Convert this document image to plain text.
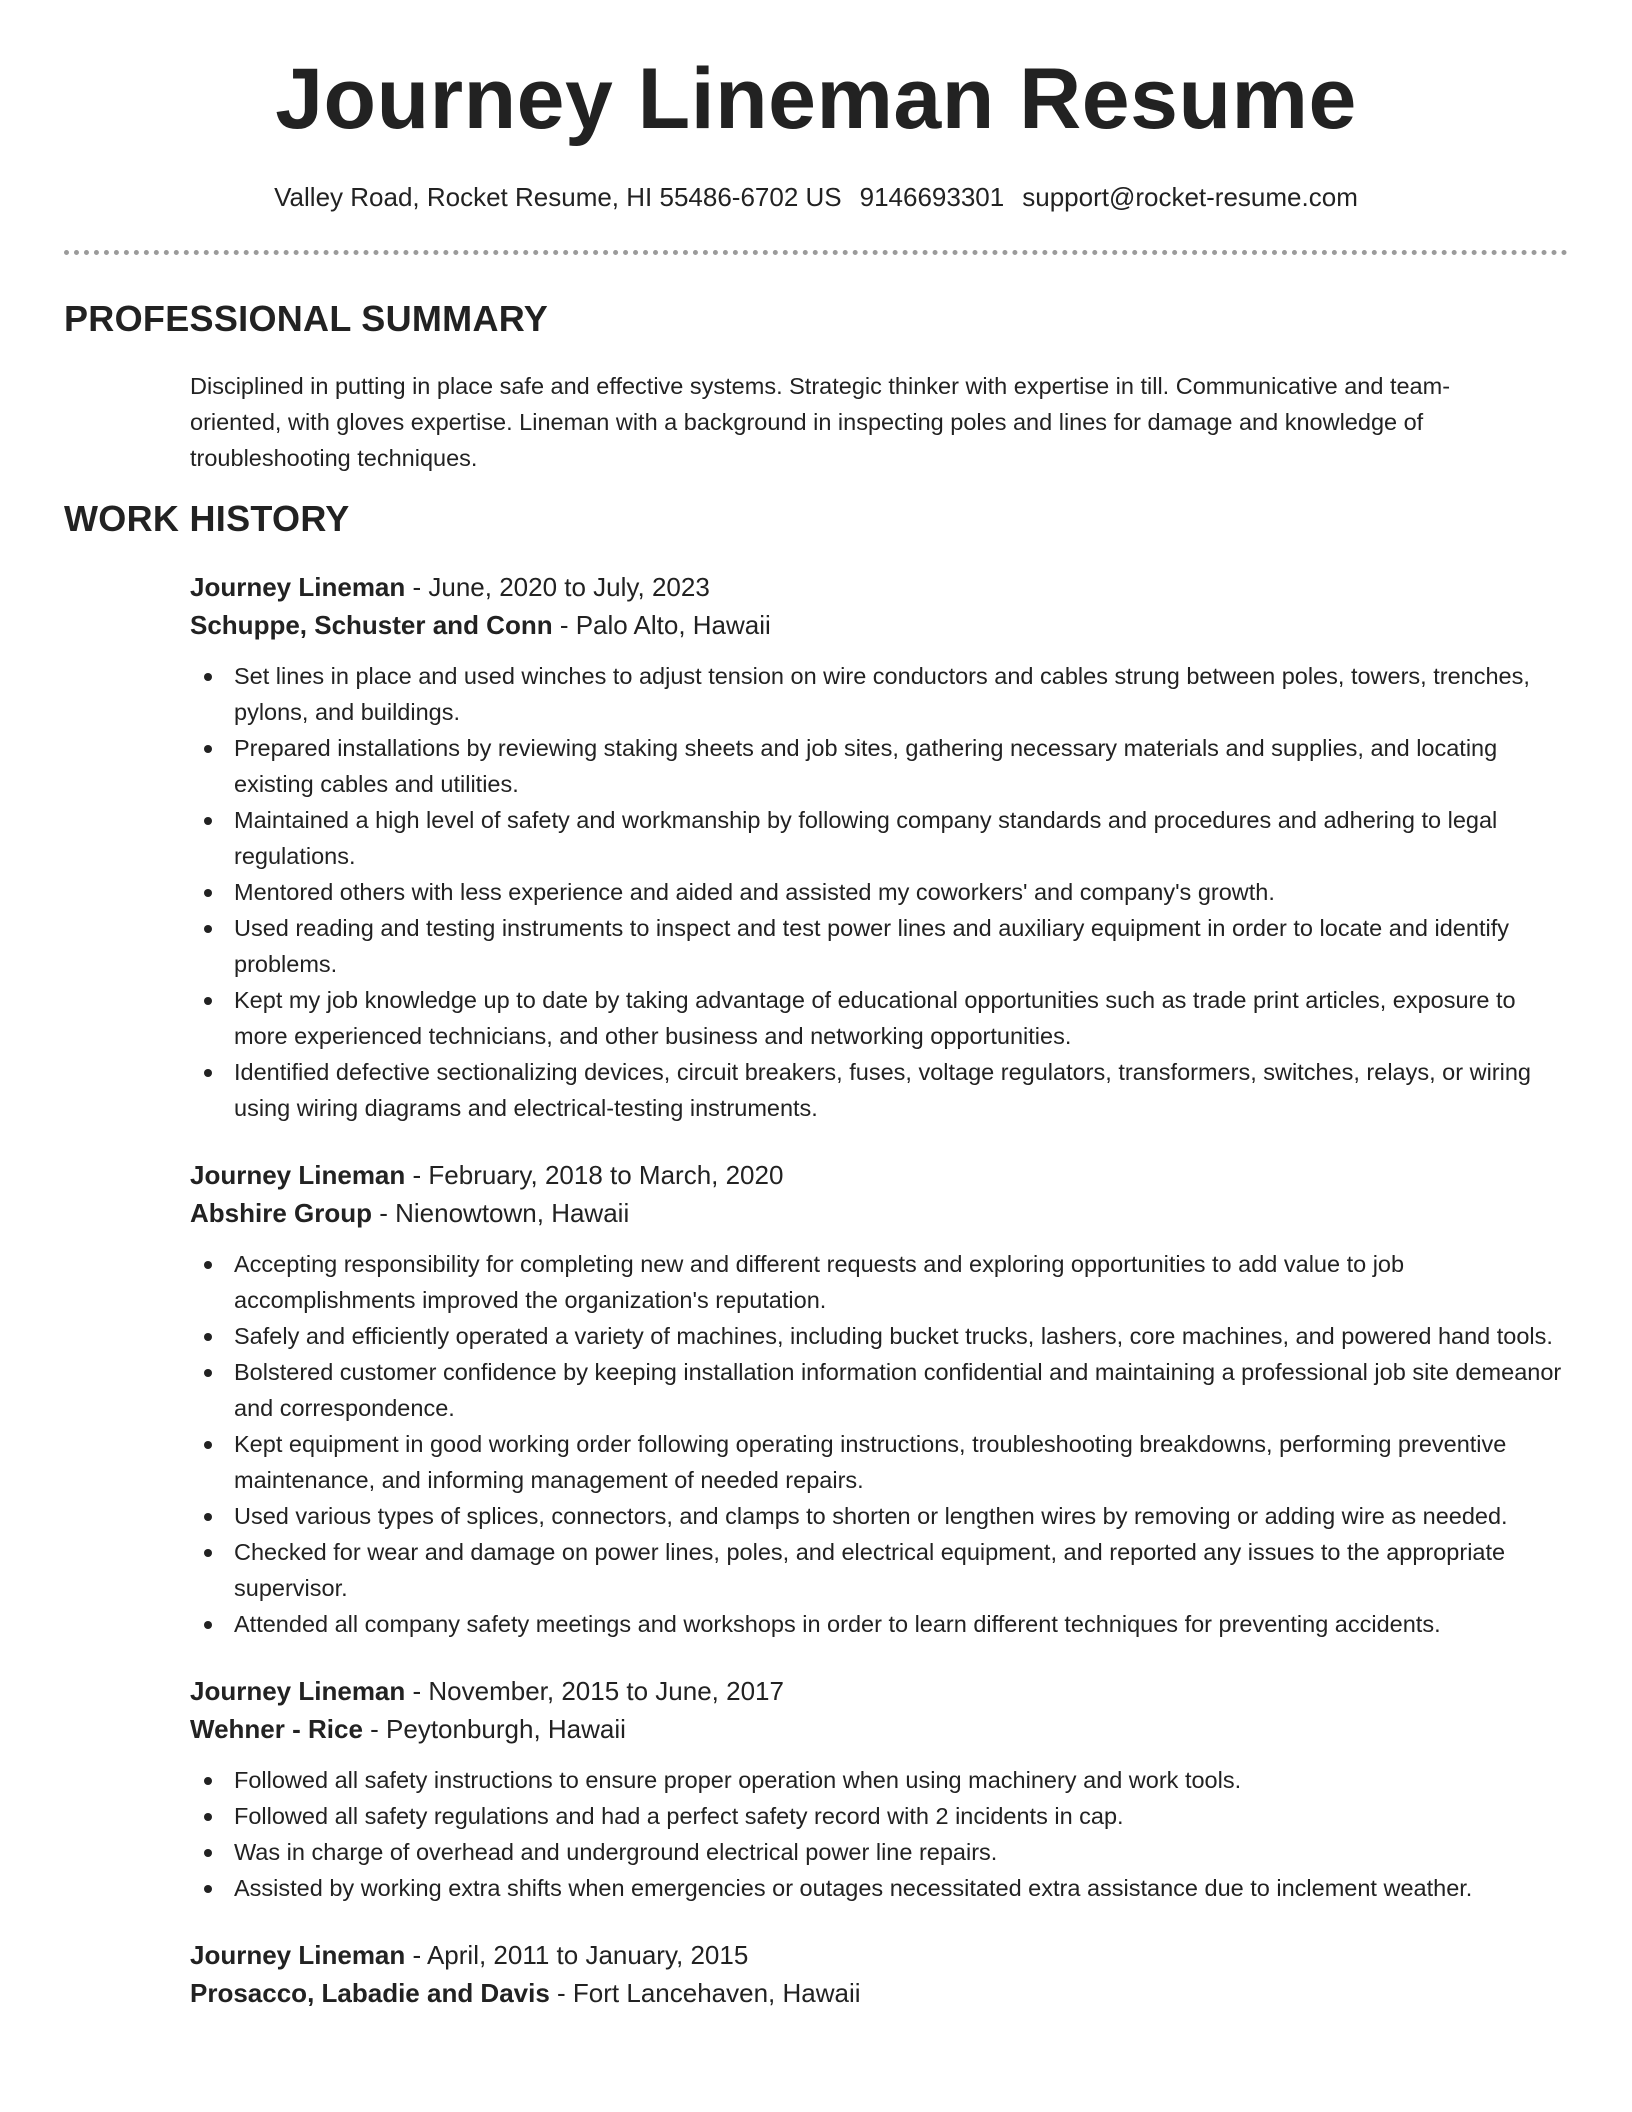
Journey Lineman Resume
Valley Road, Rocket Resume, HI 55486-6702 US 9146693301 support@rocket-resume.com
PROFESSIONAL SUMMARY

Disciplined in putting in place safe and effective systems. Strategic thinker with expertise in till. Communicative and team-oriented, with gloves expertise. Lineman with a background in inspecting poles and lines for damage and knowledge of troubleshooting techniques.

WORK HISTORY
Journey Lineman - June, 2020 to July, 2023
Schuppe, Schuster and Conn - Palo Alto, Hawaii
Set lines in place and used winches to adjust tension on wire conductors and cables strung between poles, towers, trenches, pylons, and buildings.
Prepared installations by reviewing staking sheets and job sites, gathering necessary materials and supplies, and locating existing cables and utilities.
Maintained a high level of safety and workmanship by following company standards and procedures and adhering to legal regulations.
Mentored others with less experience and aided and assisted my coworkers' and company's growth.
Used reading and testing instruments to inspect and test power lines and auxiliary equipment in order to locate and identify problems.
Kept my job knowledge up to date by taking advantage of educational opportunities such as trade print articles, exposure to more experienced technicians, and other business and networking opportunities.
Identified defective sectionalizing devices, circuit breakers, fuses, voltage regulators, transformers, switches, relays, or wiring using wiring diagrams and electrical-testing instruments.
Journey Lineman - February, 2018 to March, 2020
Abshire Group - Nienowtown, Hawaii
Accepting responsibility for completing new and different requests and exploring opportunities to add value to job accomplishments improved the organization's reputation.
Safely and efficiently operated a variety of machines, including bucket trucks, lashers, core machines, and powered hand tools.
Bolstered customer confidence by keeping installation information confidential and maintaining a professional job site demeanor and correspondence.
Kept equipment in good working order following operating instructions, troubleshooting breakdowns, performing preventive maintenance, and informing management of needed repairs.
Used various types of splices, connectors, and clamps to shorten or lengthen wires by removing or adding wire as needed.
Checked for wear and damage on power lines, poles, and electrical equipment, and reported any issues to the appropriate supervisor.
Attended all company safety meetings and workshops in order to learn different techniques for preventing accidents.
Journey Lineman - November, 2015 to June, 2017
Wehner - Rice - Peytonburgh, Hawaii
Followed all safety instructions to ensure proper operation when using machinery and work tools.
Followed all safety regulations and had a perfect safety record with 2 incidents in cap.
Was in charge of overhead and underground electrical power line repairs.
Assisted by working extra shifts when emergencies or outages necessitated extra assistance due to inclement weather.
Journey Lineman - April, 2011 to January, 2015
Prosacco, Labadie and Davis - Fort Lancehaven, Hawaii
